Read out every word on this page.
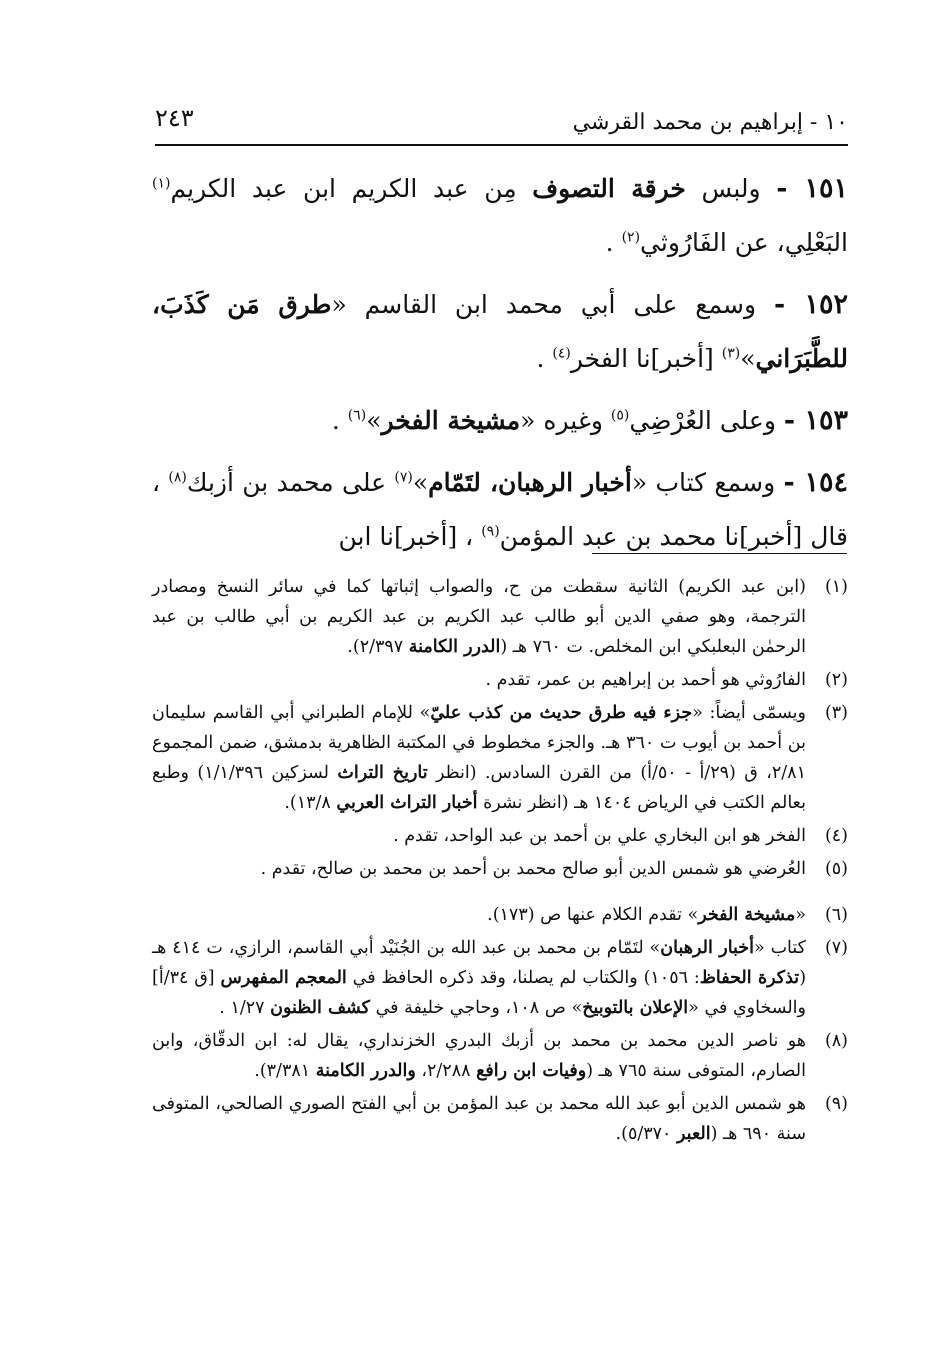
١٠ - إبراهيم بن محمد القرشي
٢٤٣

١٥١ - ولبس خرقة التصوف مِن عبد الكريم ابن عبد الكريم$^{(١)}$ البَعْلِي، عن الفَارُوثي$^{(٢)}$ .

١٥٢ - وسمع على أبي محمد ابن القاسم «طرق مَن كَذَبَ، للطَّبَرَاني»$^{(٣)}$ [أخبر]نا الفخر$^{(٤)}$ .

١٥٣ - وعلى العُرْضِي$^{(٥)}$ وغيره «مشيخة الفخر»$^{(٦)}$ .

١٥٤ - وسمع كتاب «أخبار الرهبان، لتَمّام»$^{(٧)}$ على محمد بن أزبك$^{(٨)}$ ، قال [أخبر]نا محمد بن عبد المؤمن$^{(٩)}$ ، [أخبر]نا ابن

(١)
(ابن عبد الكريم) الثانية سقطت من ح، والصواب إثباتها كما في سائر النسخ ومصادر الترجمة، وهو صفي الدين أبو طالب عبد الكريم بن عبد الكريم بن أبي طالب بن عبد الرحمٰن البعلبكي ابن المخلص. ت ٧٦٠ هـ (الدرر الكامنة ٢/٣٩٧).
(٢)
الفارُوثي هو أحمد بن إبراهيم بن عمر، تقدم .
(٣)
ويسمّى أيضاً: «جزء فيه طرق حديث من كذب عليّ» للإمام الطبراني أبي القاسم سليمان بن أحمد بن أيوب ت ٣٦٠ هـ. والجزء مخطوط في المكتبة الظاهرية بدمشق، ضمن المجموع ٢/٨١، ق (٢٩/أ - ٥٠/أ) من القرن السادس. (انظر تاريخ التراث لسزكين ١/١/٣٩٦) وطبع بعالم الكتب في الرياض ١٤٠٤ هـ (انظر نشرة أخبار التراث العربي ١٣/٨).
(٤)
الفخر هو ابن البخاري علي بن أحمد بن عبد الواحد، تقدم .
(٥)
العُرضي هو شمس الدين أبو صالح محمد بن أحمد بن محمد بن صالح، تقدم .
(٦)
«مشيخة الفخر» تقدم الكلام عنها ص (١٧٣).
(٧)
كتاب «أخبار الرهبان» لتَمّام بن محمد بن عبد الله بن الجُنَيْد أبي القاسم، الرازي، ت ٤١٤ هـ (تذكرة الحفاظ: ١٠٥٦) والكتاب لم يصلنا، وقد ذكره الحافظ في المعجم المفهرس [ق ٣٤/أ] والسخاوي في «الإعلان بالتوبيخ» ص ١٠٨، وحاجي خليفة في كشف الظنون ١/٢٧ .
(٨)
هو ناصر الدين محمد بن محمد بن أزبك البدري الخزنداري، يقال له: ابن الدقّاق، وابن الصارم، المتوفى سنة ٧٦٥ هـ (وفيات ابن رافع ٢/٢٨٨، والدرر الكامنة ٣/٣٨١).
(٩)
هو شمس الدين أبو عبد الله محمد بن عبد المؤمن بن أبي الفتح الصوري الصالحي، المتوفى سنة ٦٩٠ هـ (العبر ٥/٣٧٠).
